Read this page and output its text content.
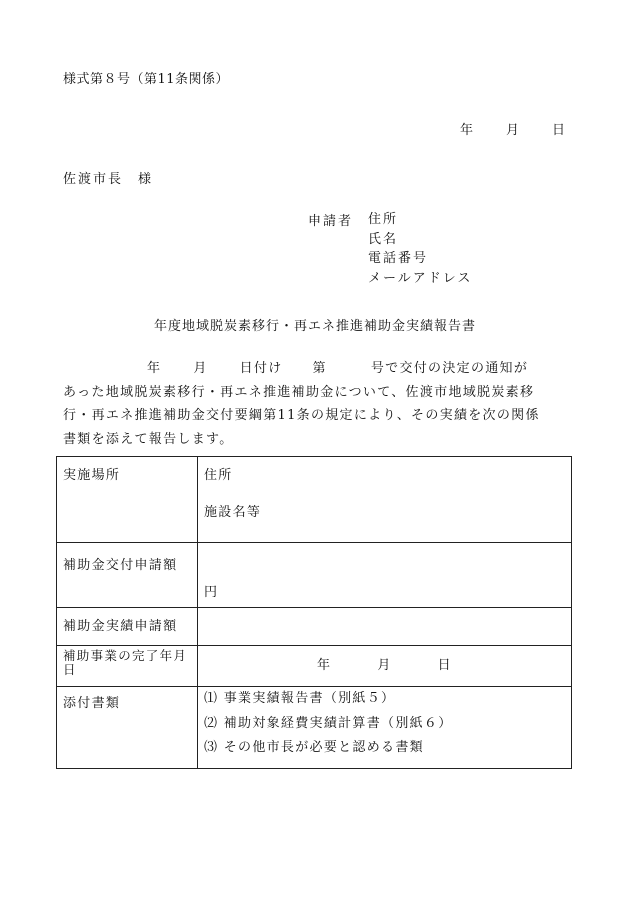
様式第８号（第11条関係）
年	月	日
佐渡市長　様
申請者 住所
氏名
電話番号
メールアドレス
年度地域脱炭素移行・再エネ推進補助金実績報告書
年 月 日付け 第	号で交付の決定の通知が
あった地域脱炭素移行・再エネ推進補助金について、佐渡市地域脱炭素移
行・再エネ推進補助金交付要綱第11条の規定により、その実績を次の関係
書類を添えて報告します。
実施場所	住所
施設名等

補助金交付申請額	円
補助金実績申請額	
補助事業の完了年月日	年 月 日
添付書類	⑴ 事業実績報告書（別紙５）
⑵ 補助対象経費実績計算書（別紙６）
⑶ その他市長が必要と認める書類
